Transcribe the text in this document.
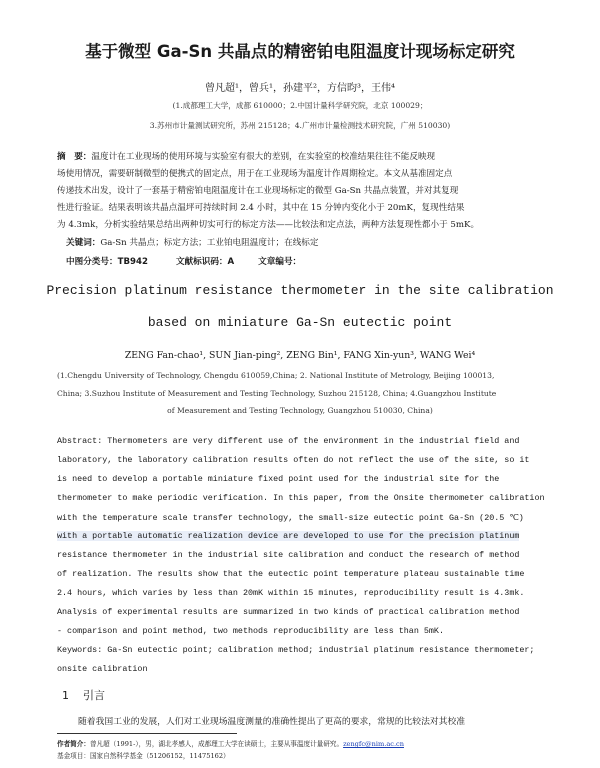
基于微型 Ga-Sn 共晶点的精密铂电阻温度计现场标定研究
曾凡超¹，曾兵¹，孙建平²，方信昀³，王伟⁴
(1.成都理工大学，成都 610000；2.中国计量科学研究院，北京 100029；
3.苏州市计量测试研究所，苏州 215128；4.广州市计量检测技术研究院，广州 510030)
摘　要：温度计在工业现场的使用环境与实验室有很大的差别，在实验室的校准结果往往不能反映现
场使用情况，需要研制微型的便携式的固定点，用于在工业现场为温度计作周期检定。本文从基准固定点
传递技术出发，设计了一套基于精密铂电阻温度计在工业现场标定的微型 Ga-Sn 共晶点装置，并对其复现
性进行验证。结果表明该共晶点温坪可持续时间 2.4 小时，其中在 15 分钟内变化小于 20mK，复现性结果
为 4.3mk，分析实验结果总结出两种切实可行的标定方法——比较法和定点法，两种方法复现性都小于 5mK。
关键词：Ga-Sn 共晶点；标定方法；工业铂电阻温度计；在线标定
中图分类号：TB942	文献标识码：A	文章编号：
Precision platinum resistance thermometer in the site calibration
based on miniature Ga-Sn eutectic point
ZENG Fan-chao¹, SUN Jian-ping², ZENG Bin¹, FANG Xin-yun³, WANG Wei⁴
(1.Chengdu University of Technology, Chengdu 610059,China; 2. National Institute of Metrology, Beijing 100013,
China; 3.Suzhou Institute of Measurement and Testing Technology, Suzhou 215128, China; 4.Guangzhou Institute
of Measurement and Testing Technology, Guangzhou 510030, China)
Abstract: Thermometers are very different use of the environment in the industrial field and
laboratory, the laboratory calibration results often do not reflect the use of the site, so it
is need to develop a portable miniature fixed point used for the industrial site for the
thermometer to make periodic verification. In this paper, from the Onsite thermometer calibration
with the temperature scale transfer technology, the small-size eutectic point Ga-Sn (20.5 ℃)
with a portable automatic realization device are developed to use for the precision platinum
resistance thermometer in the industrial site calibration and conduct the research of method
of realization. The results show that the eutectic point temperature plateau sustainable time
2.4 hours, which varies by less than 20mK within 15 minutes, reproducibility result is 4.3mk.
Analysis of experimental results are summarized in two kinds of practical calibration method
- comparison and point method, two methods reproducibility are less than 5mK.
Keywords: Ga-Sn eutectic point; calibration method; industrial platinum resistance thermometer;
onsite calibration
1 引言
随着我国工业的发展，人们对工业现场温度测量的准确性提出了更高的要求，常规的比较法对其校准
作者简介：曾凡超（1991-），男，湖北孝感人，成都理工大学在读硕士，主要从事温度计量研究。zengfc@nim.ac.cn
基金项目：国家自然科学基金（51206152，11475162）
